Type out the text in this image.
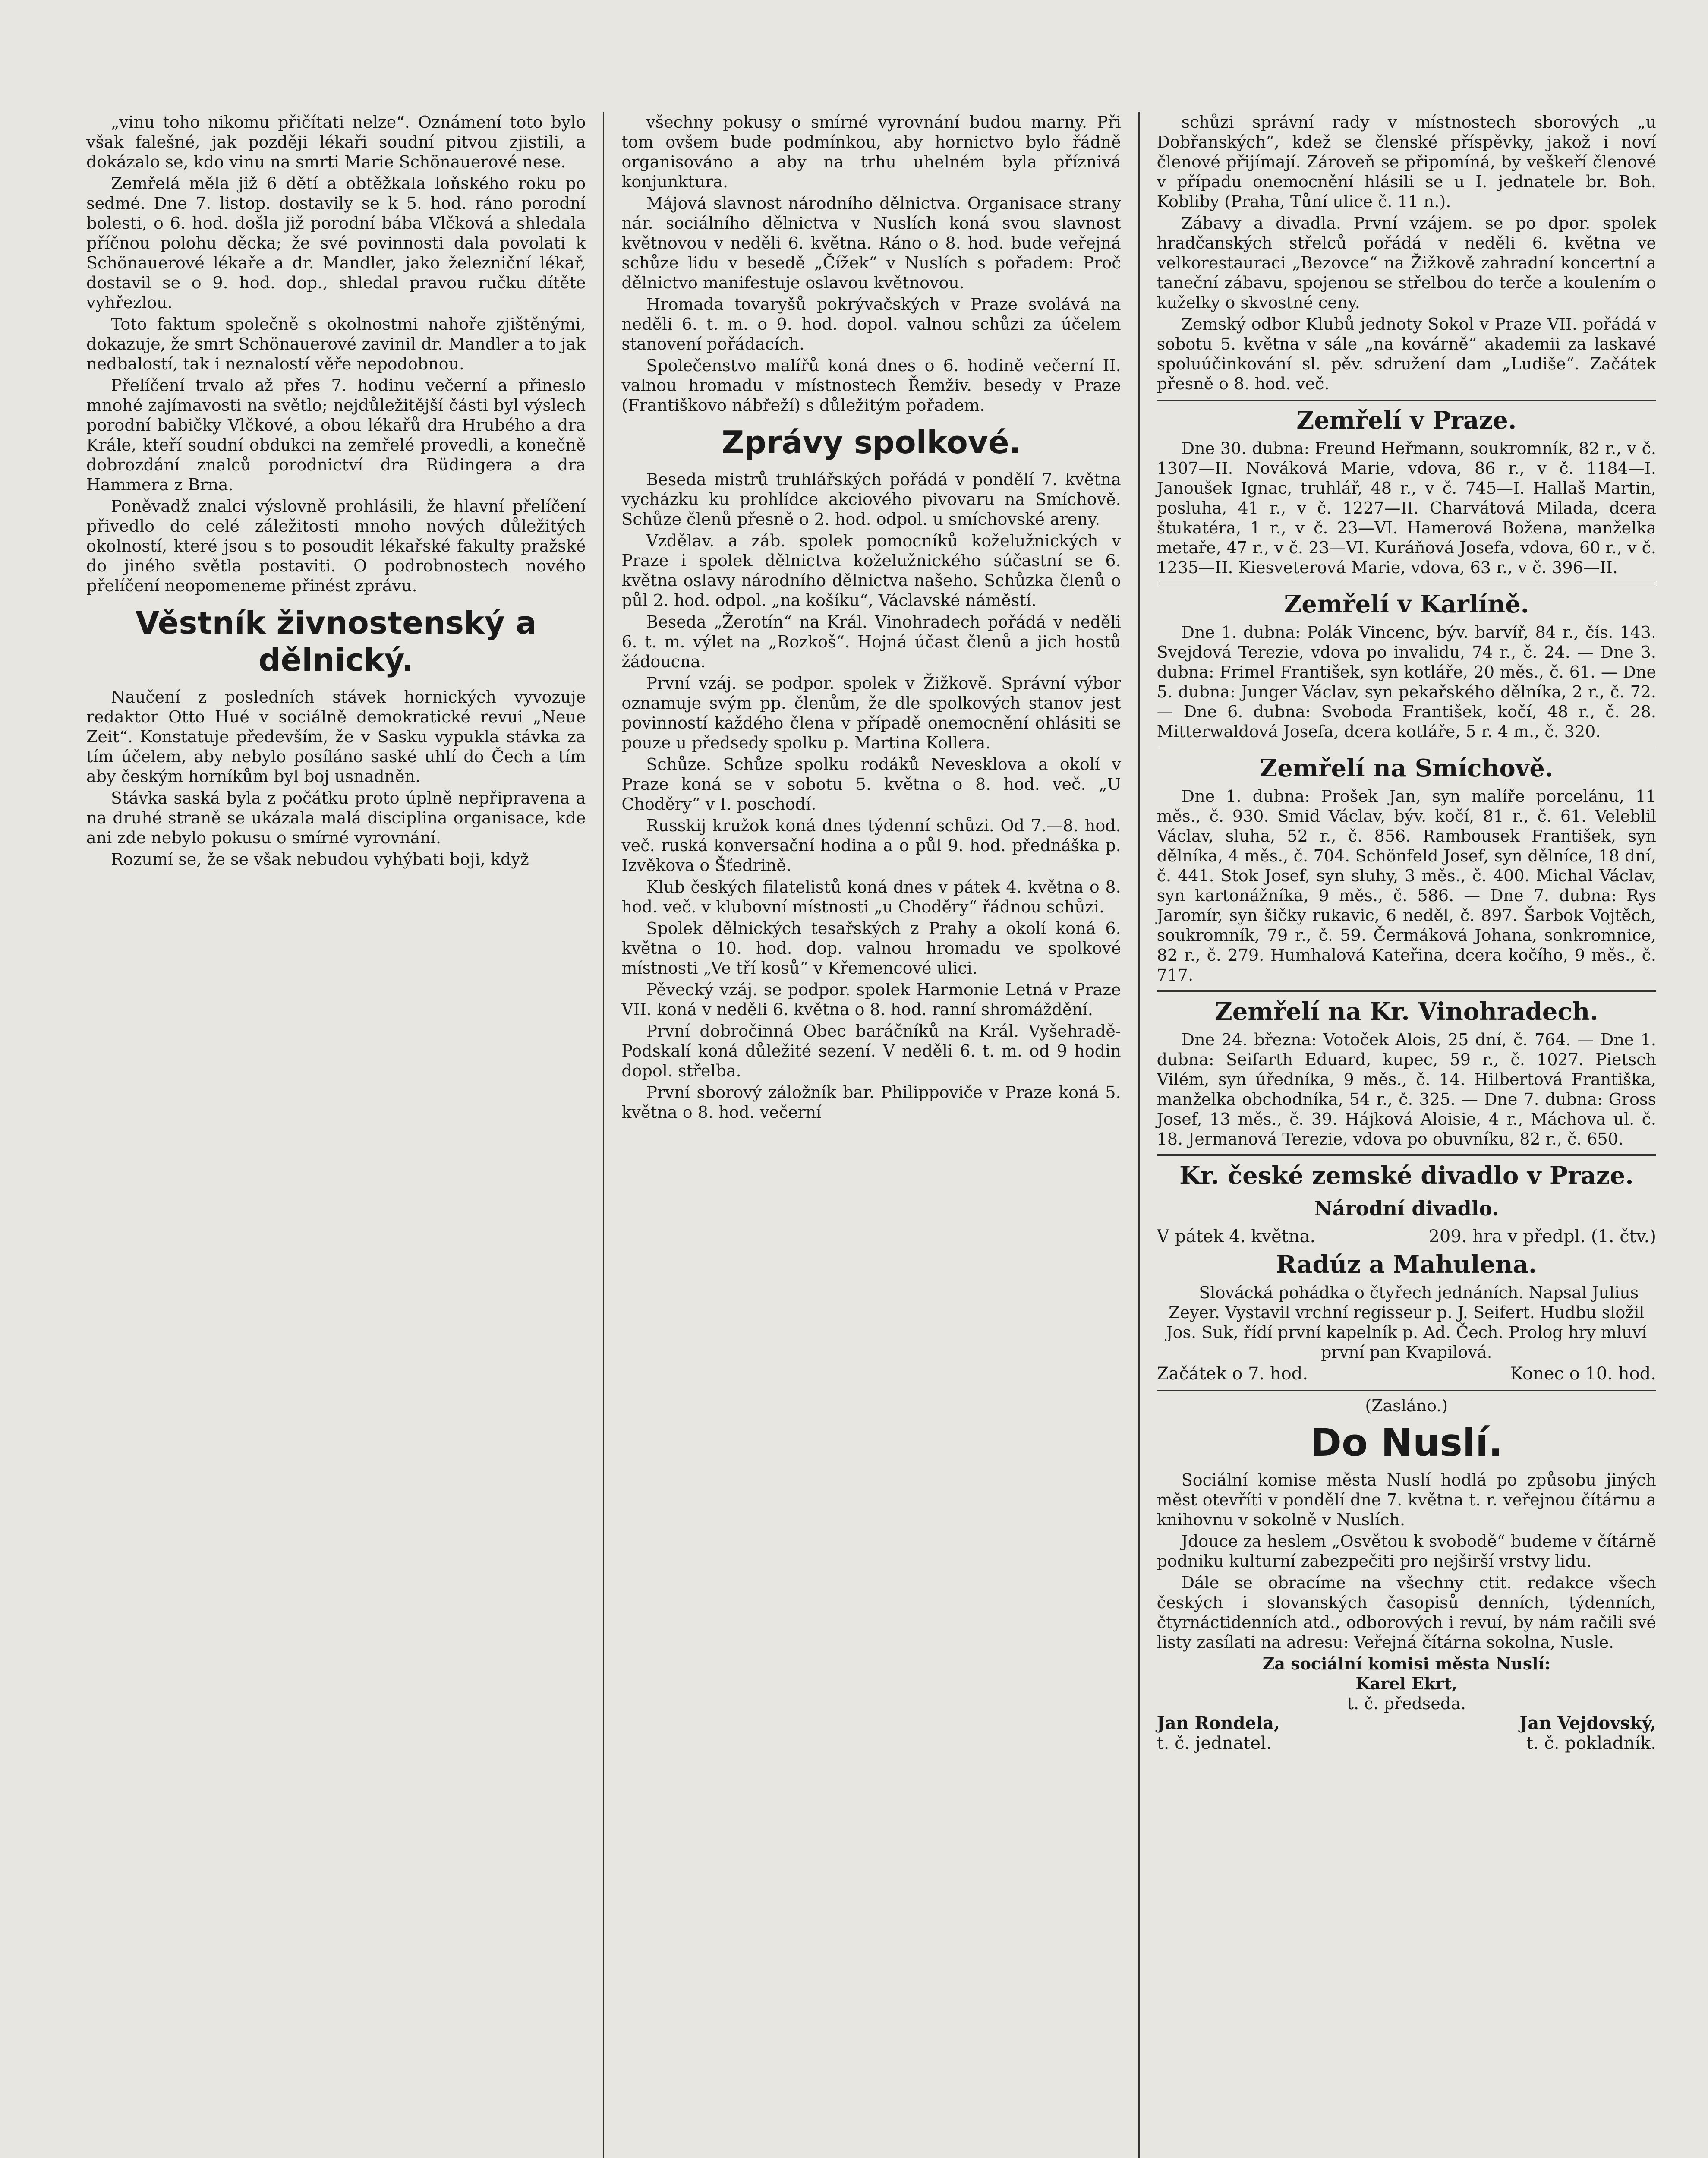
„vinu toho nikomu přičítati nelze“. Oznámení toto bylo však falešné, jak později lékaři soudní pitvou zjistili, a dokázalo se, kdo vinu na smrti Marie Schönauerové nese.

Zemřelá měla již 6 dětí a obtěžkala loňského roku po sedmé. Dne 7. listop. dostavily se k 5. hod. ráno porodní bolesti, o 6. hod. došla již porodní bába Vlčková a shledala příčnou polohu děcka; že své povinnosti dala povolati k Schönauerové lékaře a dr. Mandler, jako železniční lékař, dostavil se o 9. hod. dop., shledal pravou ručku dítěte vyhřezlou.

Toto faktum společně s okolnostmi nahoře zjištěnými, dokazuje, že smrt Schönauerové zavinil dr. Mandler a to jak nedbalostí, tak i neznalostí věře nepodobnou.

Přelíčení trvalo až přes 7. hodinu večerní a přineslo mnohé zajímavosti na světlo; nejdůležitější části byl výslech porodní babičky Vlčkové, a obou lékařů dra Hrubého a dra Krále, kteří soudní obdukci na zemřelé provedli, a konečně dobrozdání znalců porodnictví dra Rüdingera a dra Hammera z Brna.

Poněvadž znalci výslovně prohlásili, že hlavní přelíčení přivedlo do celé záležitosti mnoho nových důležitých okolností, které jsou s to posoudit lékařské fakulty pražské do jiného světla postaviti. O podrobnostech nového přelíčení neopomeneme přinést zprávu.

Věstník živnostenský a dělnický.

Naučení z posledních stávek hornických vyvozuje redaktor Otto Hué v sociálně demokratické revui „Neue Zeit“. Konstatuje především, že v Sasku vypukla stávka za tím účelem, aby nebylo posíláno saské uhlí do Čech a tím aby českým horníkům byl boj usnadněn.

Stávka saská byla z počátku proto úplně nepřipravena a na druhé straně se ukázala malá disciplina organisace, kde ani zde nebylo pokusu o smírné vyrovnání.

Rozumí se, že se však nebudou vyhýbati boji, když

všechny pokusy o smírné vyrovnání budou marny. Při tom ovšem bude podmínkou, aby hornictvo bylo řádně organisováno a aby na trhu uhelném byla příznivá konjunktura.

Májová slavnost národního dělnictva. Organisace strany nár. sociálního dělnictva v Nuslích koná svou slavnost květnovou v neděli 6. května. Ráno o 8. hod. bude veřejná schůze lidu v besedě „Čížek“ v Nuslích s pořadem: Proč dělnictvo manifestuje oslavou květnovou.

Hromada tovaryšů pokrývačských v Praze svolává na neděli 6. t. m. o 9. hod. dopol. valnou schůzi za účelem stanovení pořádacích.

Společenstvo malířů koná dnes o 6. hodině večerní II. valnou hromadu v místnostech Řemživ. besedy v Praze (Františkovo nábřeží) s důležitým pořadem.

Zprávy spolkové.

Beseda mistrů truhlářských pořádá v pondělí 7. května vycházku ku prohlídce akciového pivovaru na Smíchově. Schůze členů přesně o 2. hod. odpol. u smíchovské areny.

Vzdělav. a záb. spolek pomocníků koželužnických v Praze i spolek dělnictva koželužnického súčastní se 6. května oslavy národního dělnictva našeho. Schůzka členů o půl 2. hod. odpol. „na košíku“, Václavské náměstí.

Beseda „Žerotín“ na Král. Vinohradech pořádá v neděli 6. t. m. výlet na „Rozkoš“. Hojná účast členů a jich hostů žádoucna.

První vzáj. se podpor. spolek v Žižkově. Správní výbor oznamuje svým pp. členům, že dle spolkových stanov jest povinností každého člena v případě onemocnění ohlásiti se pouze u předsedy spolku p. Martina Kollera.

Schůze. Schůze spolku rodáků Nevesklova a okolí v Praze koná se v sobotu 5. května o 8. hod. več. „U Choděry“ v I. poschodí.

Russkij kružok koná dnes týdenní schůzi. Od 7.—8. hod. več. ruská konversační hodina a o půl 9. hod. přednáška p. Izvěkova o Šťedrině.

Klub českých filatelistů koná dnes v pátek 4. května o 8. hod. več. v klubovní místnosti „u Choděry“ řádnou schůzi.

Spolek dělnických tesařských z Prahy a okolí koná 6. května o 10. hod. dop. valnou hromadu ve spolkové místnosti „Ve tří kosů“ v Křemencové ulici.

Pěvecký vzáj. se podpor. spolek Harmonie Letná v Praze VII. koná v neděli 6. května o 8. hod. ranní shromáždění.

První dobročinná Obec baráčníků na Král. Vyšehradě-Podskalí koná důležité sezení. V neděli 6. t. m. od 9 hodin dopol. střelba.

První sborový záložník bar. Philippoviče v Praze koná 5. května o 8. hod. večerní

schůzi správní rady v místnostech sborových „u Dobřanských“, kdež se členské příspěvky, jakož i noví členové přijímají. Zároveň se připomíná, by veškeří členové v případu onemocnění hlásili se u I. jednatele br. Boh. Kobliby (Praha, Tůní ulice č. 11 n.).

Zábavy a divadla. První vzájem. se po dpor. spolek hradčanských střelců pořádá v neděli 6. května ve velkorestauraci „Bezovce“ na Žižkově zahradní koncertní a taneční zábavu, spojenou se střelbou do terče a koulením o kuželky o skvostné ceny.

Zemský odbor Klubů jednoty Sokol v Praze VII. pořádá v sobotu 5. května v sále „na kovárně“ akademii za laskavé spoluúčinkování sl. pěv. sdružení dam „Ludiše“. Začátek přesně o 8. hod. več.

Zemřelí v Praze.

Dne 30. dubna: Freund Heřmann, soukromník, 82 r., v č. 1307—II. Nováková Marie, vdova, 86 r., v č. 1184—I. Janoušek Ignac, truhlář, 48 r., v č. 745—I. Hallaš Martin, posluha, 41 r., v č. 1227—II. Charvátová Milada, dcera štukatéra, 1 r., v č. 23—VI. Hamerová Božena, manželka metaře, 47 r., v č. 23—VI. Kuráňová Josefa, vdova, 60 r., v č. 1235—II. Kiesveterová Marie, vdova, 63 r., v č. 396—II.

Zemřelí v Karlíně.

Dne 1. dubna: Polák Vincenc, býv. barvíř, 84 r., čís. 143. Svejdová Terezie, vdova po invalidu, 74 r., č. 24. — Dne 3. dubna: Frimel František, syn kotláře, 20 měs., č. 61. — Dne 5. dubna: Junger Václav, syn pekařského dělníka, 2 r., č. 72. — Dne 6. dubna: Svoboda František, kočí, 48 r., č. 28. Mitterwaldová Josefa, dcera kotláře, 5 r. 4 m., č. 320.

Zemřelí na Smíchově.

Dne 1. dubna: Prošek Jan, syn malíře porcelánu, 11 měs., č. 930. Smid Václav, býv. kočí, 81 r., č. 61. Veleblil Václav, sluha, 52 r., č. 856. Rambousek František, syn dělníka, 4 měs., č. 704. Schönfeld Josef, syn dělníce, 18 dní, č. 441. Stok Josef, syn sluhy, 3 měs., č. 400. Michal Václav, syn kartonážníka, 9 měs., č. 586. — Dne 7. dubna: Rys Jaromír, syn šičky rukavic, 6 neděl, č. 897. Šarbok Vojtěch, soukromník, 79 r., č. 59. Čermáková Johana, sonkromnice, 82 r., č. 279. Humhalová Kateřina, dcera kočího, 9 měs., č. 717.

Zemřelí na Kr. Vinohradech.

Dne 24. března: Votoček Alois, 25 dní, č. 764. — Dne 1. dubna: Seifarth Eduard, kupec, 59 r., č. 1027. Pietsch Vilém, syn úředníka, 9 měs., č. 14. Hilbertová Františka, manželka obchodníka, 54 r., č. 325. — Dne 7. dubna: Gross Josef, 13 měs., č. 39. Hájková Aloisie, 4 r., Máchova ul. č. 18. Jermanová Terezie, vdova po obuvníku, 82 r., č. 650.

Kr. české zemské divadlo v Praze.
Národní divadlo.
V pátek 4. května.	209. hra v předpl. (1. čtv.)
Radúz a Mahulena.

Slovácká pohádka o čtyřech jednáních. Napsal Julius Zeyer. Vystavil vrchní regisseur p. J. Seifert. Hudbu složil Jos. Suk, řídí první kapelník p. Ad. Čech. Prolog hry mluví první pan Kvapilová.

Začátek o 7. hod.	Konec o 10. hod.
(Zasláno.)
Do Nuslí.

Sociální komise města Nuslí hodlá po způsobu jiných měst otevříti v pondělí dne 7. května t. r. veřejnou čítárnu a knihovnu v sokolně v Nuslích.

Jdouce za heslem „Osvětou k svobodě“ budeme v čítárně podniku kulturní zabezpečiti pro nejširší vrstvy lidu.

Dále se obracíme na všechny ctit. redakce všech českých i slovanských časopisů denních, týdenních, čtyrnáctidenních atd., odborových i revuí, by nám račili své listy zasílati na adresu: Veřejná čítárna sokolna, Nusle.

Za sociální komisi města Nuslí:
Karel Ekrt,
t. č. předseda.
Jan Rondela,	Jan Vejdovský,
t. č. jednatel.	t. č. pokladník.
